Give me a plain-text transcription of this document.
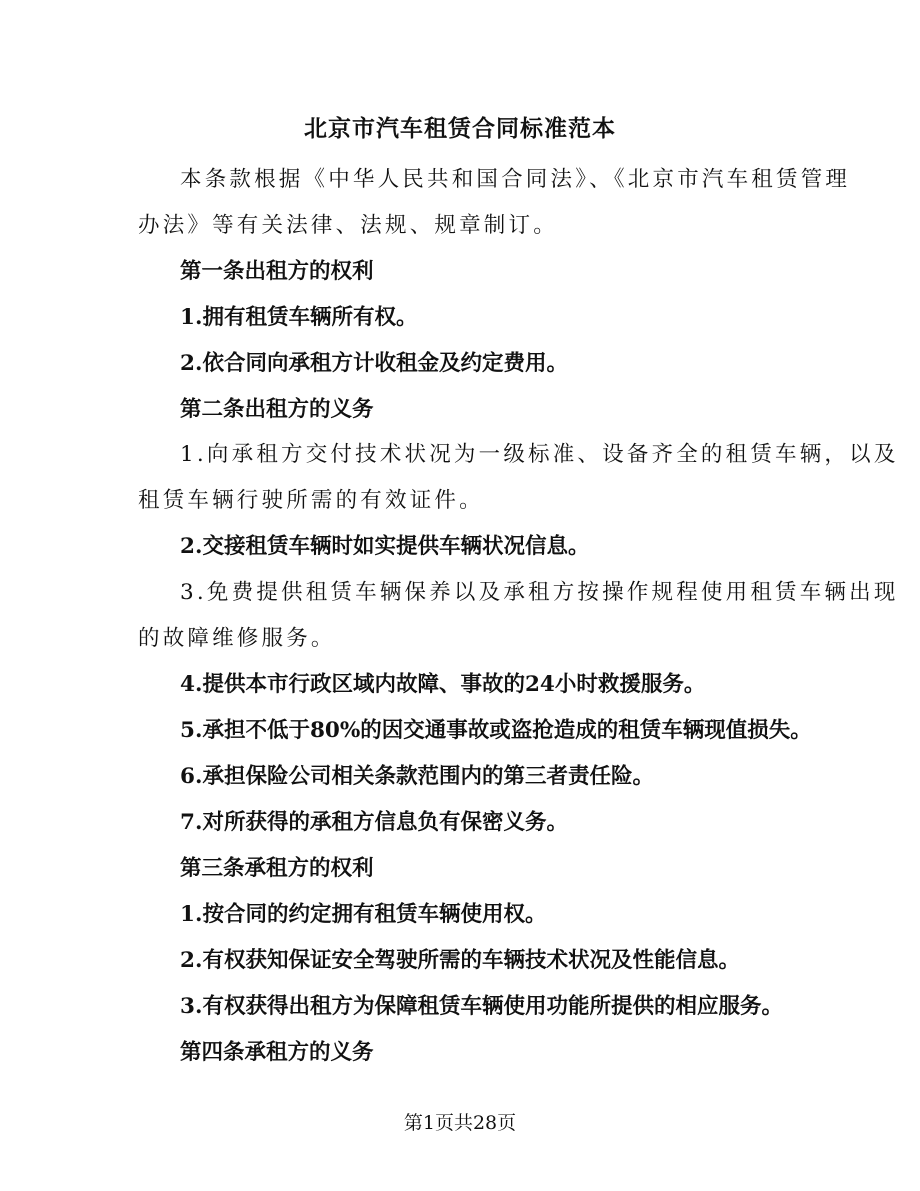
北京市汽车租赁合同标准范本
本条款根据《中华人民共和国合同法》、《北京市汽车租赁管理
办法》等有关法律、法规、规章制订。
第一条出租方的权利
1.拥有租赁车辆所有权。
2.依合同向承租方计收租金及约定费用。
第二条出租方的义务
1.向承租方交付技术状况为一级标准、设备齐全的租赁车辆，以及
租赁车辆行驶所需的有效证件。
2.交接租赁车辆时如实提供车辆状况信息。
3.免费提供租赁车辆保养以及承租方按操作规程使用租赁车辆出现
的故障维修服务。
4.提供本市行政区域内故障、事故的24小时救援服务。
5.承担不低于80%的因交通事故或盗抢造成的租赁车辆现值损失。
6.承担保险公司相关条款范围内的第三者责任险。
7.对所获得的承租方信息负有保密义务。
第三条承租方的权利
1.按合同的约定拥有租赁车辆使用权。
2.有权获知保证安全驾驶所需的车辆技术状况及性能信息。
3.有权获得出租方为保障租赁车辆使用功能所提供的相应服务。
第四条承租方的义务
第1页共28页
